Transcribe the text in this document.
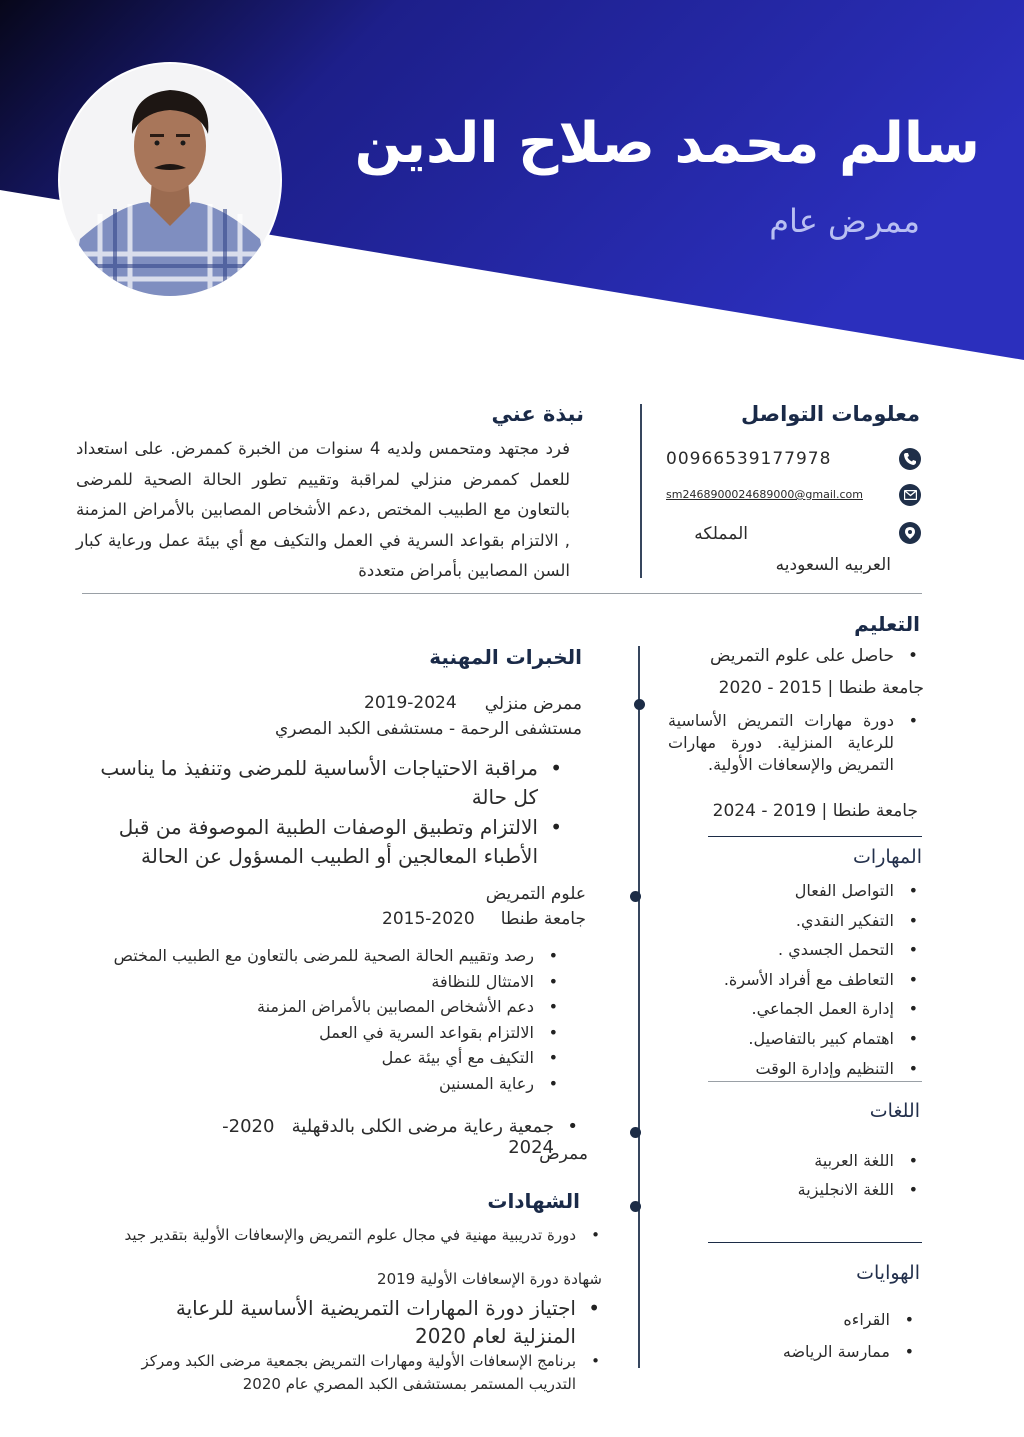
سالم محمد صلاح الدين
ممرض عام
معلومات التواصل
00966539177978
sm2468900024689000@gmail.com
المملكه
العربيه السعوديه
نبذة عني
فرد مجتهد ومتحمس ولديه 4 سنوات من الخبرة كممرض. على استعداد للعمل كممرض منزلي لمراقبة وتقييم تطور الحالة الصحية للمرضى بالتعاون مع الطبيب المختص ,دعم الأشخاص المصابين بالأمراض المزمنة , الالتزام بقواعد السرية في العمل والتكيف مع أي بيئة عمل ورعاية كبار السن المصابين بأمراض متعددة
التعليم
• حاصل على علوم التمريض
جامعة طنطا | 2015 - 2020
• دورة مهارات التمريض الأساسية للرعاية المنزلية. دورة مهارات التمريض والإسعافات الأولية.
جامعة طنطا | 2019 - 2024
المهارات
• التواصل الفعال
• التفكير النقدي.
• التحمل الجسدي .
• التعاطف مع أفراد الأسرة.
• إدارة العمل الجماعي.
• اهتمام كبير بالتفاصيل.
• التنظيم وإدارة الوقت
اللغات
• اللغة العربية
• اللغة الانجليزية
الهوايات
• القراءه
• ممارسة الرياضه
الخبرات المهنية
ممرض منزلي
2019-2024
مستشفى الرحمة - مستشفى الكبد المصري
• مراقبة الاحتياجات الأساسية للمرضى وتنفيذ ما يناسب كل حالة
• الالتزام وتطبيق الوصفات الطبية الموصوفة من قبل الأطباء المعالجين أو الطبيب المسؤول عن الحالة
علوم التمريض
جامعة طنطا
2015-2020
• رصد وتقييم الحالة الصحية للمرضى بالتعاون مع الطبيب المختص
• الامتثال للنظافة
• دعم الأشخاص المصابين بالأمراض المزمنة
• الالتزام بقواعد السرية في العمل
• التكيف مع أي بيئة عمل
• رعاية المسنين
• جمعية رعاية مرضى الكلى بالدقهلية   2020-2024
ممرض
الشهادات
• دورة تدريبية مهنية في مجال علوم التمريض والإسعافات الأولية بتقدير جيد
شهادة دورة الإسعافات الأولية 2019
• اجتياز دورة المهارات التمريضية الأساسية للرعاية المنزلية لعام 2020
• برنامج الإسعافات الأولية ومهارات التمريض بجمعية مرضى الكبد ومركز التدريب المستمر بمستشفى الكبد المصري عام 2020
